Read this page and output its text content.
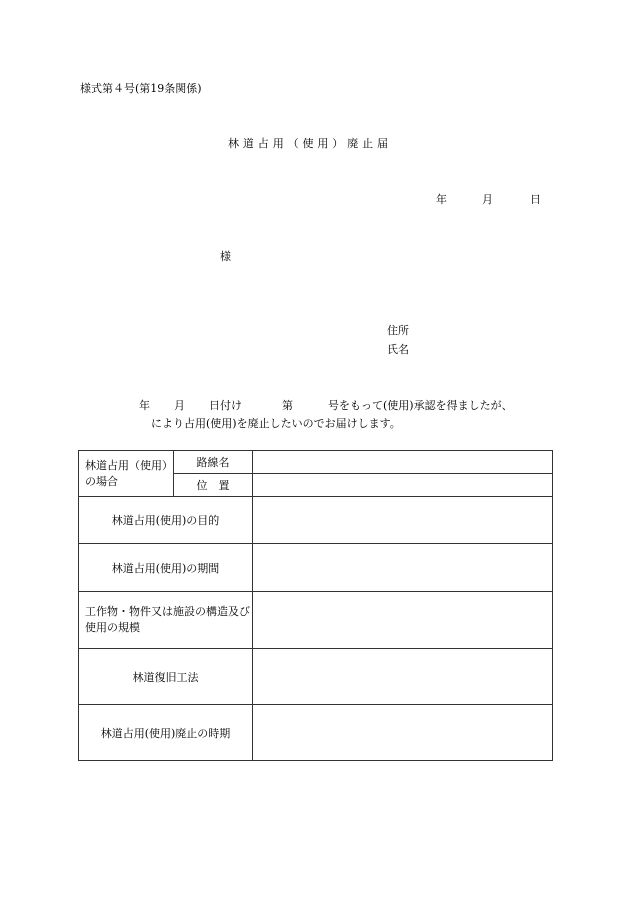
様式第４号(第19条関係)
林道占用（使用）廃止届
年	月	日
様
住所
氏名
年 月 日付け	第	号をもって(使用)承認を得ましたが、
により占用(使用)を廃止したいのでお届けします。
林道占用（使用）の場合	路線名	
	位　置	
林道占用(使用)の目的		
林道占用(使用)の期間		
工作物・物件又は施設の構造及び使用の規模		
林道復旧工法		
林道占用(使用)廃止の時期		
